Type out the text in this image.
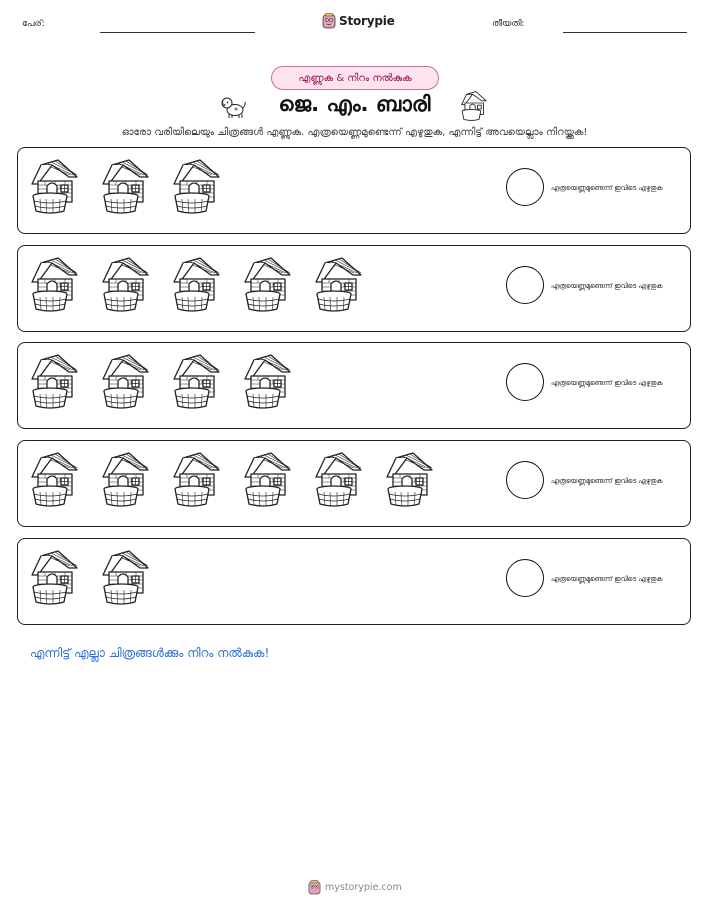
പേര്:	Storypie	തീയതി:
എണ്ണുക & നിറം നൽകുക
ജെ. എം. ബാരി
ഓരോ വരിയിലെയും ചിത്രങ്ങൾ എണ്ണുക. എത്രയെണ്ണമുണ്ടെന്ന് എഴുതുക, എന്നിട്ട് അവയെല്ലാം നിറയ്ക്കുക!
എത്രയെണ്ണമുണ്ടെന്ന് ഇവിടെ എഴുതുക
എത്രയെണ്ണമുണ്ടെന്ന് ഇവിടെ എഴുതുക
എത്രയെണ്ണമുണ്ടെന്ന് ഇവിടെ എഴുതുക
എത്രയെണ്ണമുണ്ടെന്ന് ഇവിടെ എഴുതുക
എത്രയെണ്ണമുണ്ടെന്ന് ഇവിടെ എഴുതുക
എന്നിട്ട് എല്ലാ ചിത്രങ്ങൾക്കും നിറം നൽകുക!
mystorypie.com
